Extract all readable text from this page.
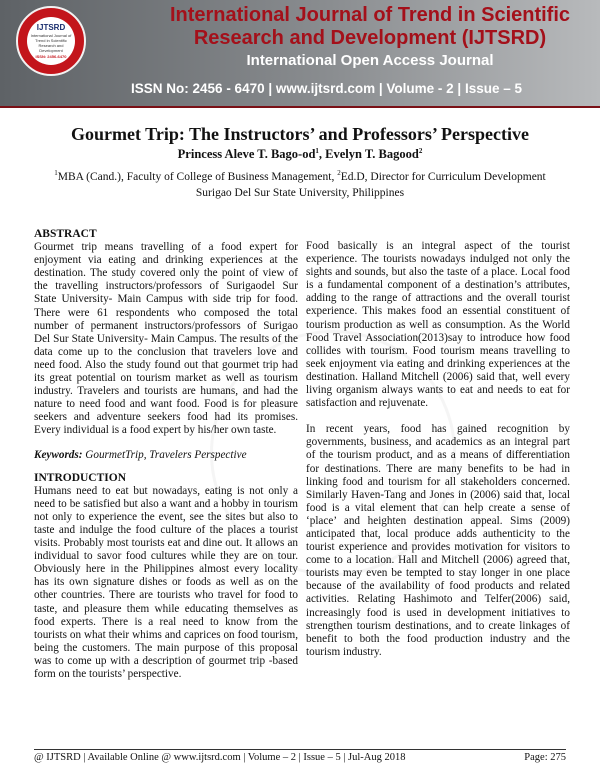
IJTSRD
International Journal of Trend in Scientific Research and Development
ISSN: 2456-6470
International Journal of Trend in Scientific
Research and Development (IJTSRD)
International Open Access Journal
ISSN No: 2456 - 6470 | www.ijtsrd.com | Volume - 2 | Issue – 5
Gourmet Trip: The Instructors’ and Professors’ Perspective
Princess Aleve T. Bago-$od^1$, Evelyn T. Bagood$^2$
$^1$MBA (Cand.), Faculty of College of Business Management, $^2$Ed.D, Director for Curriculum Development
Surigao Del Sur State University, Philippines

ABSTRACT

Gourmet trip means travelling of a food expert for enjoyment via eating and drinking experiences at the destination. The study covered only the point of view of the travelling instructors/professors of Surigaodel Sur State University- Main Campus with side trip for food. There were 61 respondents who composed the total number of permanent instructors/professors of Surigao Del Sur State University- Main Campus. The results of the data come up to the conclusion that travelers love and need food. Also the study found out that gourmet trip had its great potential on tourism market as well as tourism industry. Travelers and tourists are humans, and had the nature to need food and want food. Food is for pleasure seekers and adventure seekers food had its promises. Every individual is a food expert by his/her own taste.

Keywords: GourmetTrip, Travelers Perspective

INTRODUCTION

Humans need to eat but nowadays, eating is not only a need to be satisfied but also a want and a hobby in tourism not only to experience the event, see the sites but also to taste and indulge the food culture of the places a tourist visits. Probably most tourists eat and dine out. It allows an individual to savor food cultures while they are on tour. Obviously here in the Philippines almost every locality has its own signature dishes or foods as well as on the other countries. There are tourists who travel for food to taste, and pleasure them while educating themselves as food experts. There is a real need to know from the tourists on what their whims and caprices on food tourism, being the customers. The main purpose of this proposal was to come up with a description of gourmet trip -based form on the tourists’ perspective.

Food basically is an integral aspect of the tourist experience. The tourists nowadays indulged not only the sights and sounds, but also the taste of a place. Local food is a fundamental component of a destination’s attributes, adding to the range of attractions and the overall tourist experience. This makes food an essential constituent of tourism production as well as consumption. As the World Food Travel Association(2013)say to introduce how food collides with tourism. Food tourism means travelling to seek enjoyment via eating and drinking experiences at the destination. Halland Mitchell (2006) said that, well every living organism always wants to eat and needs to eat for satisfaction and rejuvenate.

In recent years, food has gained recognition by governments, business, and academics as an integral part of the tourism product, and as a means of differentiation for destinations. There are many benefits to be had in linking food and tourism for all stakeholders concerned. Similarly Haven-Tang and Jones in (2006) said that, local food is a vital element that can help create a sense of ‘place’ and heighten destination appeal. Sims (2009) anticipated that, local produce adds authenticity to the tourist experience and provides motivation for visitors to come to a location. Hall and Mitchell (2006) agreed that, tourists may even be tempted to stay longer in one place because of the availability of food products and related activities. Relating Hashimoto and Telfer(2006) said, increasingly food is used in development initiatives to strengthen tourism destinations, and to create linkages of benefit to both the food production industry and the tourism industry.

@ IJTSRD | Available Online @ www.ijtsrd.com | Volume – 2 | Issue – 5 | Jul-Aug 2018	Page: 275
